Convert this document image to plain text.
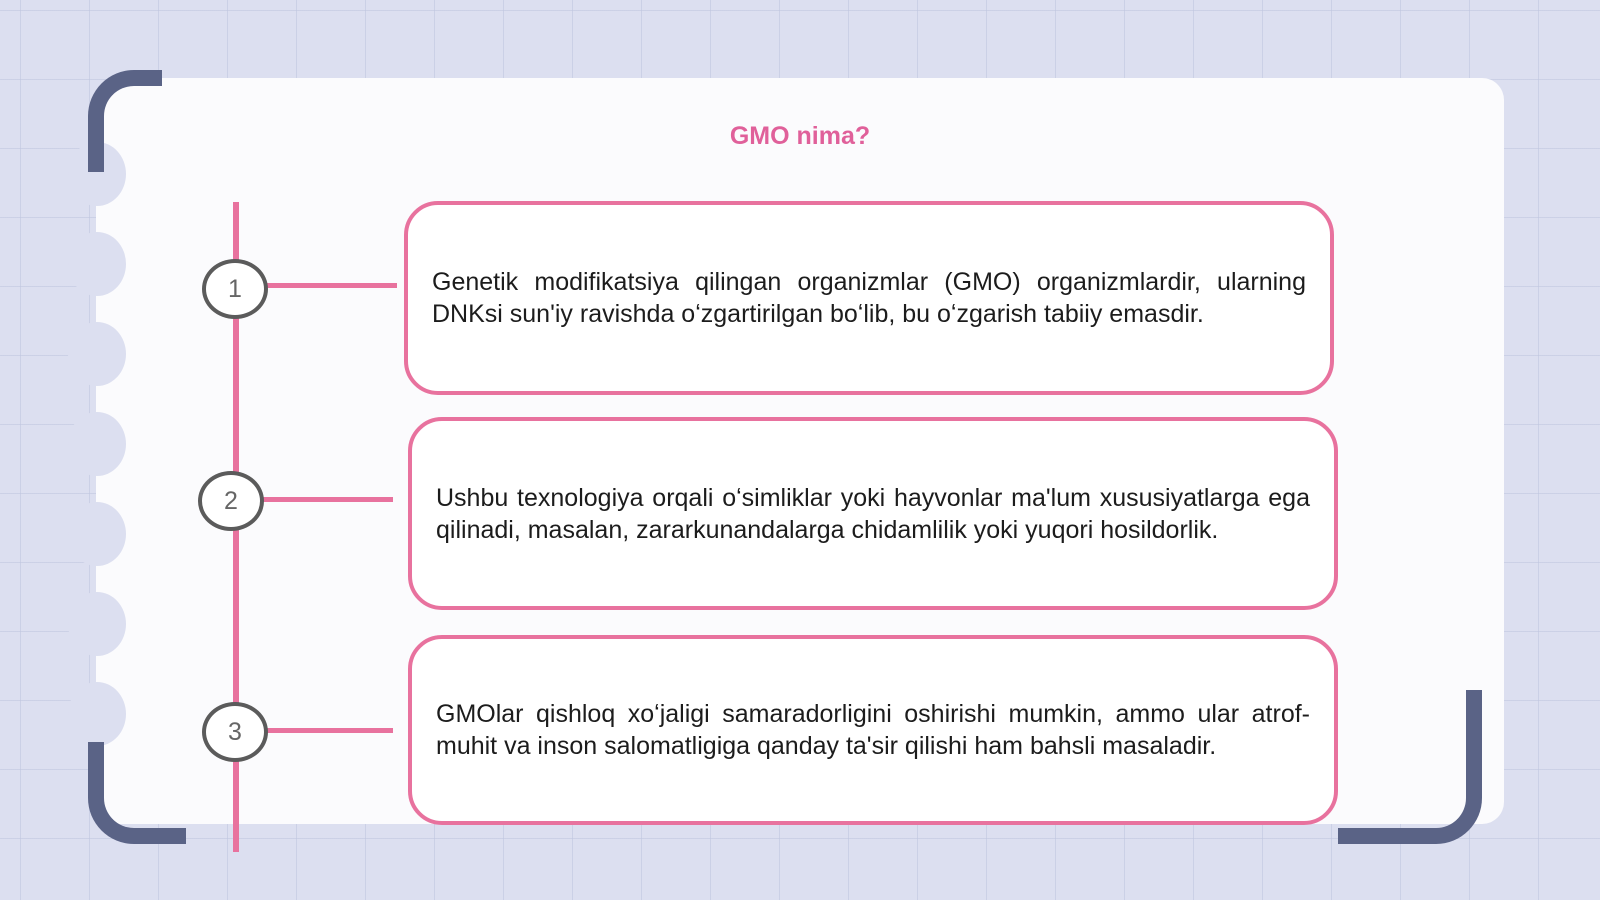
GMO nima?
1
2
3

Genetik modifikatsiya qilingan organizmlar (GMO) organizmlardir, ularning DNKsi sun'iy ravishda oʻzgartirilgan boʻlib, bu oʻzgarish tabiiy emasdir.

Ushbu texnologiya orqali oʻsimliklar yoki hayvonlar ma'lum xususiyatlarga ega qilinadi, masalan, zararkunandalarga chidamlilik yoki yuqori hosildorlik.

GMOlar qishloq xoʻjaligi samaradorligini oshirishi mumkin, ammo ular atrof-muhit va inson salomatligiga qanday ta'sir qilishi ham bahsli masaladir.
